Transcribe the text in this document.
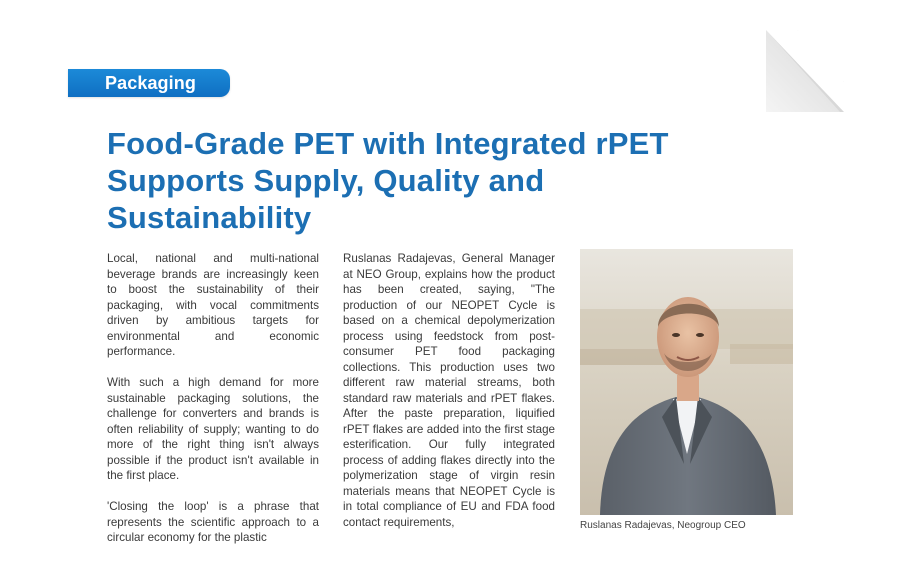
Packaging
Food-Grade PET with Integrated rPET Supports Supply, Quality and Sustainability

Local, national and multi-national beverage brands are increasingly keen to boost the sustainability of their packaging, with vocal commitments driven by ambitious targets for environmental and economic performance.

With such a high demand for more sustainable packaging solutions, the challenge for converters and brands is often reliability of supply; wanting to do more of the right thing isn't always possible if the product isn't available in the first place.

'Closing the loop' is a phrase that represents the scientific approach to a circular economy for the plastic

Ruslanas Radajevas, General Manager at NEO Group, explains how the product has been created, saying, "The production of our NEOPET Cycle is based on a chemical depolymerization process using feedstock from post-consumer PET food packaging collections. This production uses two different raw material streams, both standard raw materials and rPET flakes. After the paste preparation, liquified rPET flakes are added into the first stage esterification. Our fully integrated process of adding flakes directly into the polymerization stage of virgin resin materials means that NEOPET Cycle is in total compliance of EU and FDA food contact requirements,	Ruslanas Radajevas, Neogroup CEO
